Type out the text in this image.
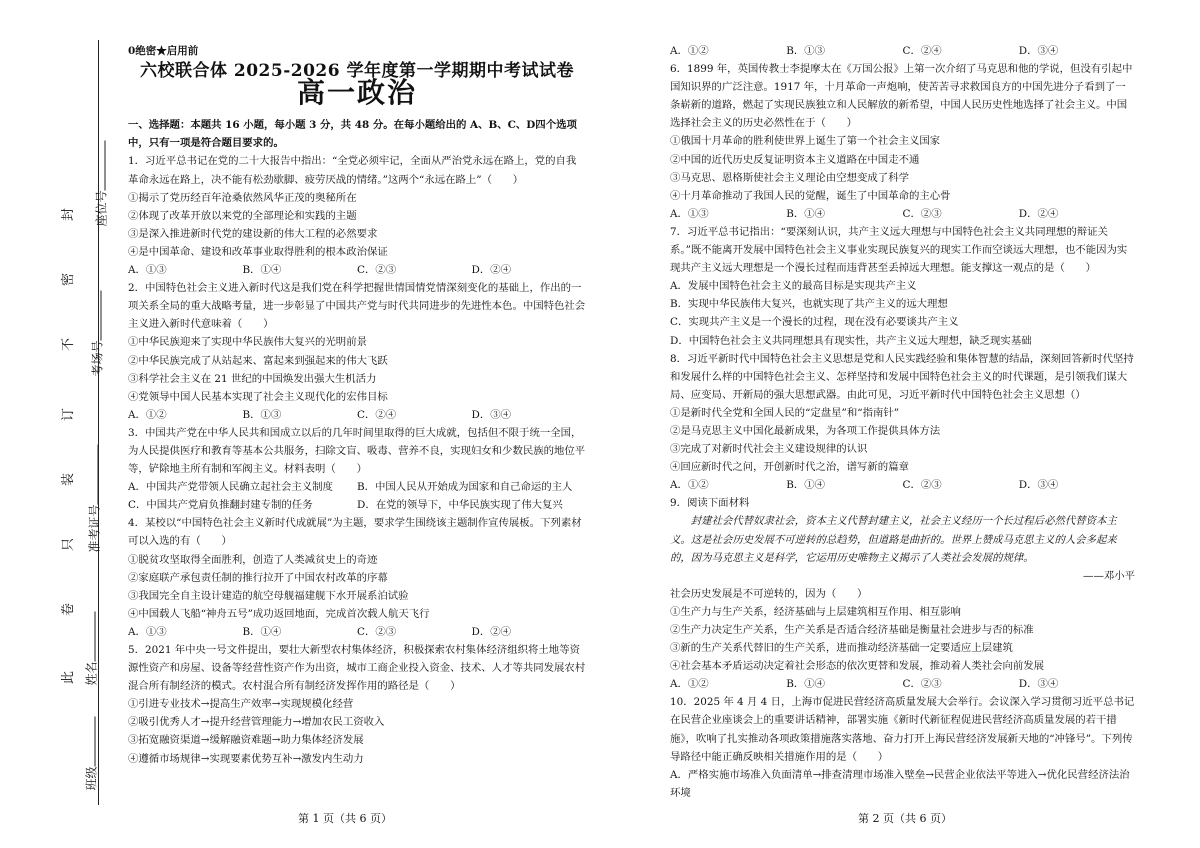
座位号
考场号
准考证号
姓名
班级
封
密
不
订
装
只
卷
此

0绝密★启用前

六校联合体 2025-2026 学年度第一学期期中考试试卷

高一政治

一、选择题：本题共 16 小题，每小题 3 分，共 48 分。在每小题给出的 A、B、C、D四个选项中，只有一项是符合题目要求的。

1．习近平总书记在党的二十大报告中指出：“全党必须牢记，全面从严治党永远在路上，党的自我革命永远在路上，决不能有松劲歇脚、疲劳厌战的情绪。”这两个“永远在路上”（　　）

①揭示了党历经百年沧桑依然风华正茂的奥秘所在

②体现了改革开放以来党的全部理论和实践的主题

③是深入推进新时代党的建设新的伟大工程的必然要求

④是中国革命、建设和改革事业取得胜利的根本政治保证

A．①③	B．①④	C．②③	D．②④

2．中国特色社会主义进入新时代这是我们党在科学把握世情国情党情深刻变化的基础上，作出的一项关系全局的重大战略考量，进一步彰显了中国共产党与时代共同进步的先进性本色。中国特色社会主义进入新时代意味着（　　）

①中华民族迎来了实现中华民族伟大复兴的光明前景

②中华民族完成了从站起来、富起来到强起来的伟大飞跃

③科学社会主义在 21 世纪的中国焕发出强大生机活力

④党领导中国人民基本实现了社会主义现代化的宏伟目标

A．①②	B．①③	C．②④	D．③④

3．中国共产党在中华人民共和国成立以后的几年时间里取得的巨大成就，包括但不限于统一全国，为人民提供医疗和教育等基本公共服务，扫除文盲、吸毒、营养不良，实现妇女和少数民族的地位平等，铲除地主所有制和军阀主义。材料表明（　　）

A．中国共产党带领人民确立起社会主义制度	B．中国人民从开始成为国家和自己命运的主人
C．中国共产党肩负推翻封建专制的任务	D．在党的领导下，中华民族实现了伟大复兴

4．某校以“中国特色社会主义新时代成就展”为主题，要求学生围绕该主题制作宣传展板。下列素材可以入选的有（　　）

①脱贫攻坚取得全面胜利，创造了人类减贫史上的奇迹

②家庭联产承包责任制的推行拉开了中国农村改革的序幕

③我国完全自主设计建造的航空母舰福建舰下水开展系泊试验

④中国载人飞船“神舟五号”成功返回地面，完成首次载人航天飞行

A．①③	B．①④	C．②③	D．②④

5．2021 年中央一号文件提出，要壮大新型农村集体经济，积极探索农村集体经济组织将土地等资源性资产和房屋、设备等经营性资产作为出资，城市工商企业投入资金、技术、人才等共同发展农村混合所有制经济的模式。农村混合所有制经济发挥作用的路径是（　　）

①引进专业技术→提高生产效率→实现规模化经营

②吸引优秀人才→提升经营管理能力→增加农民工资收入

③拓宽融资渠道→缓解融资难题→助力集体经济发展

④遵循市场规律→实现要素优势互补→激发内生动力

A．①②	B．①③	C．②④	D．③④

6．1899 年，英国传教士李提摩太在《万国公报》上第一次介绍了马克思和他的学说，但没有引起中国知识界的广泛注意。1917 年，十月革命一声炮响，使苦苦寻求救国良方的中国先进分子看到了一条崭新的道路，燃起了实现民族独立和人民解放的新希望，中国人民历史性地选择了社会主义。中国选择社会主义的历史必然性在于（　　）

①俄国十月革命的胜利使世界上诞生了第一个社会主义国家

②中国的近代历史反复证明资本主义道路在中国走不通

③马克思、恩格斯使社会主义理论由空想变成了科学

④十月革命推动了我国人民的觉醒，诞生了中国革命的主心骨

A．①③	B．①④	C．②③	D．②④

7．习近平总书记指出：“要深刻认识，共产主义远大理想与中国特色社会主义共同理想的辩证关系。”既不能离开发展中国特色社会主义事业实现民族复兴的现实工作而空谈远大理想，也不能因为实现共产主义远大理想是一个漫长过程而违背甚至丢掉远大理想。能支撑这一观点的是（　　）

A．发展中国特色社会主义的最高目标是实现共产主义

B．实现中华民族伟大复兴，也就实现了共产主义的远大理想

C．实现共产主义是一个漫长的过程，现在没有必要谈共产主义

D．中国特色社会主义共同理想具有现实性，共产主义远大理想，缺乏现实基础

8．习近平新时代中国特色社会主义思想是党和人民实践经验和集体智慧的结晶，深刻回答新时代坚持和发展什么样的中国特色社会主义、怎样坚持和发展中国特色社会主义的时代课题，是引领我们谋大局、应变局、开新局的强大思想武器。由此可见，习近平新时代中国特色社会主义思想（）

①是新时代全党和全国人民的“定盘星”和“指南针”

②是马克思主义中国化最新成果，为各项工作提供具体方法

③完成了对新时代社会主义建设规律的认识

④回应新时代之问，开创新时代之治，谱写新的篇章

A．①②	B．①④	C．②③	D．③④

9．阅读下面材料

封建社会代替奴隶社会，资本主义代替封建主义，社会主义经历一个长过程后必然代替资本主义。这是社会历史发展不可逆转的总趋势，但道路是曲折的。世界上赞成马克思主义的人会多起来的，因为马克思主义是科学，它运用历史唯物主义揭示了人类社会发展的规律。

——邓小平

社会历史发展是不可逆转的，因为（　　）

①生产力与生产关系，经济基础与上层建筑相互作用、相互影响

②生产力决定生产关系，生产关系是否适合经济基础是衡量社会进步与否的标准

③新的生产关系代替旧的生产关系，进而推动经济基础一定要适应上层建筑

④社会基本矛盾运动决定着社会形态的依次更替和发展，推动着人类社会向前发展

A．①②	B．①④	C．②③	D．③④

10．2025 年 4 月 4 日，上海市促进民营经济高质量发展大会举行。会议深入学习贯彻习近平总书记在民营企业座谈会上的重要讲话精神，部署实施《新时代新征程促进民营经济高质量发展的若干措施》，吹响了扎实推动各项政策措施落实落地、奋力打开上海民营经济发展新天地的“冲锋号”。下列传导路径中能正确反映相关措施作用的是（　　）

A．严格实施市场准入负面清单→排查清理市场准入壁垒→民营企业依法平等进入→优化民营经济法治环境

第 1 页（共 6 页）	第 2 页（共 6 页）
